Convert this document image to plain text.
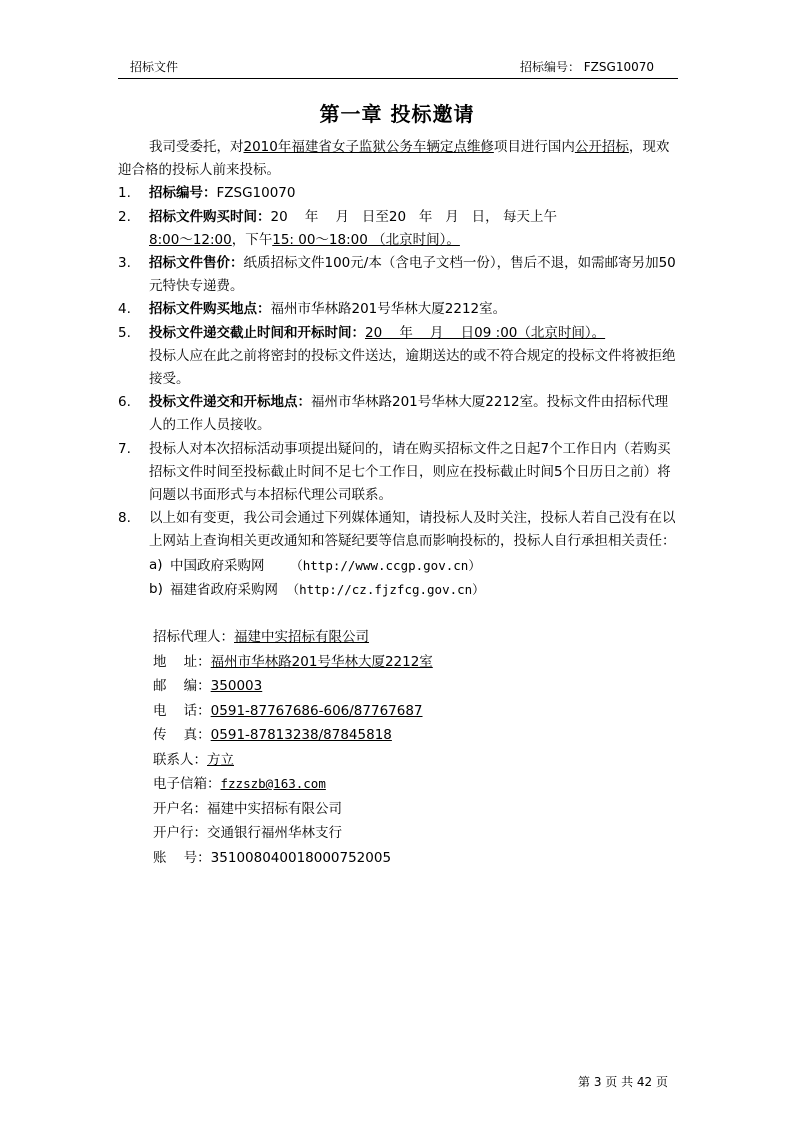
招标文件	招标编号： FZSG10070
第一章 投标邀请
我司受委托，对2010年福建省女子监狱公务车辆定点维修项目进行国内公开招标，现欢迎合格的投标人前来投标。
1. 招标编号：FZSG10070
2. 招标文件购买时间：20    年    月   日至20   年   月   日， 每天上午
8:00～12:00，下午15: 00～18:00 （北京时间）。
3. 招标文件售价：纸质招标文件100元/本（含电子文档一份），售后不退，如需邮寄另加50元特快专递费。
4. 招标文件购买地点：福州市华林路201号华林大厦2212室。
5. 投标文件递交截止时间和开标时间：20    年    月    日09 :00（北京时间）。
投标人应在此之前将密封的投标文件送达，逾期送达的或不符合规定的投标文件将被拒绝接受。
6. 投标文件递交和开标地点：福州市华林路201号华林大厦2212室。投标文件由招标代理人的工作人员接收。
7. 投标人对本次招标活动事项提出疑问的，请在购买招标文件之日起7个工作日内（若购买招标文件时间至投标截止时间不足七个工作日，则应在投标截止时间5个日历日之前）将问题以书面形式与本招标代理公司联系。
8. 以上如有变更，我公司会通过下列媒体通知，请投标人及时关注，投标人若自己没有在以上网站上查询相关更改通知和答疑纪要等信息而影响投标的，投标人自行承担相关责任：
a) 中国政府采购网 （http://www.ccgp.gov.cn）
b) 福建省政府采购网 （http://cz.fjzfcg.gov.cn）
招标代理人：福建中实招标有限公司
地    址：福州市华林路201号华林大厦2212室
邮    编：350003
电    话：0591-87767686-606/87767687
传    真：0591-87813238/87845818
联系人：方立
电子信箱：fzzszb@163.com
开户名：福建中实招标有限公司
开户行：交通银行福州华林支行
账    号：35100804001800075200​5
第 3 页 共 42 页
